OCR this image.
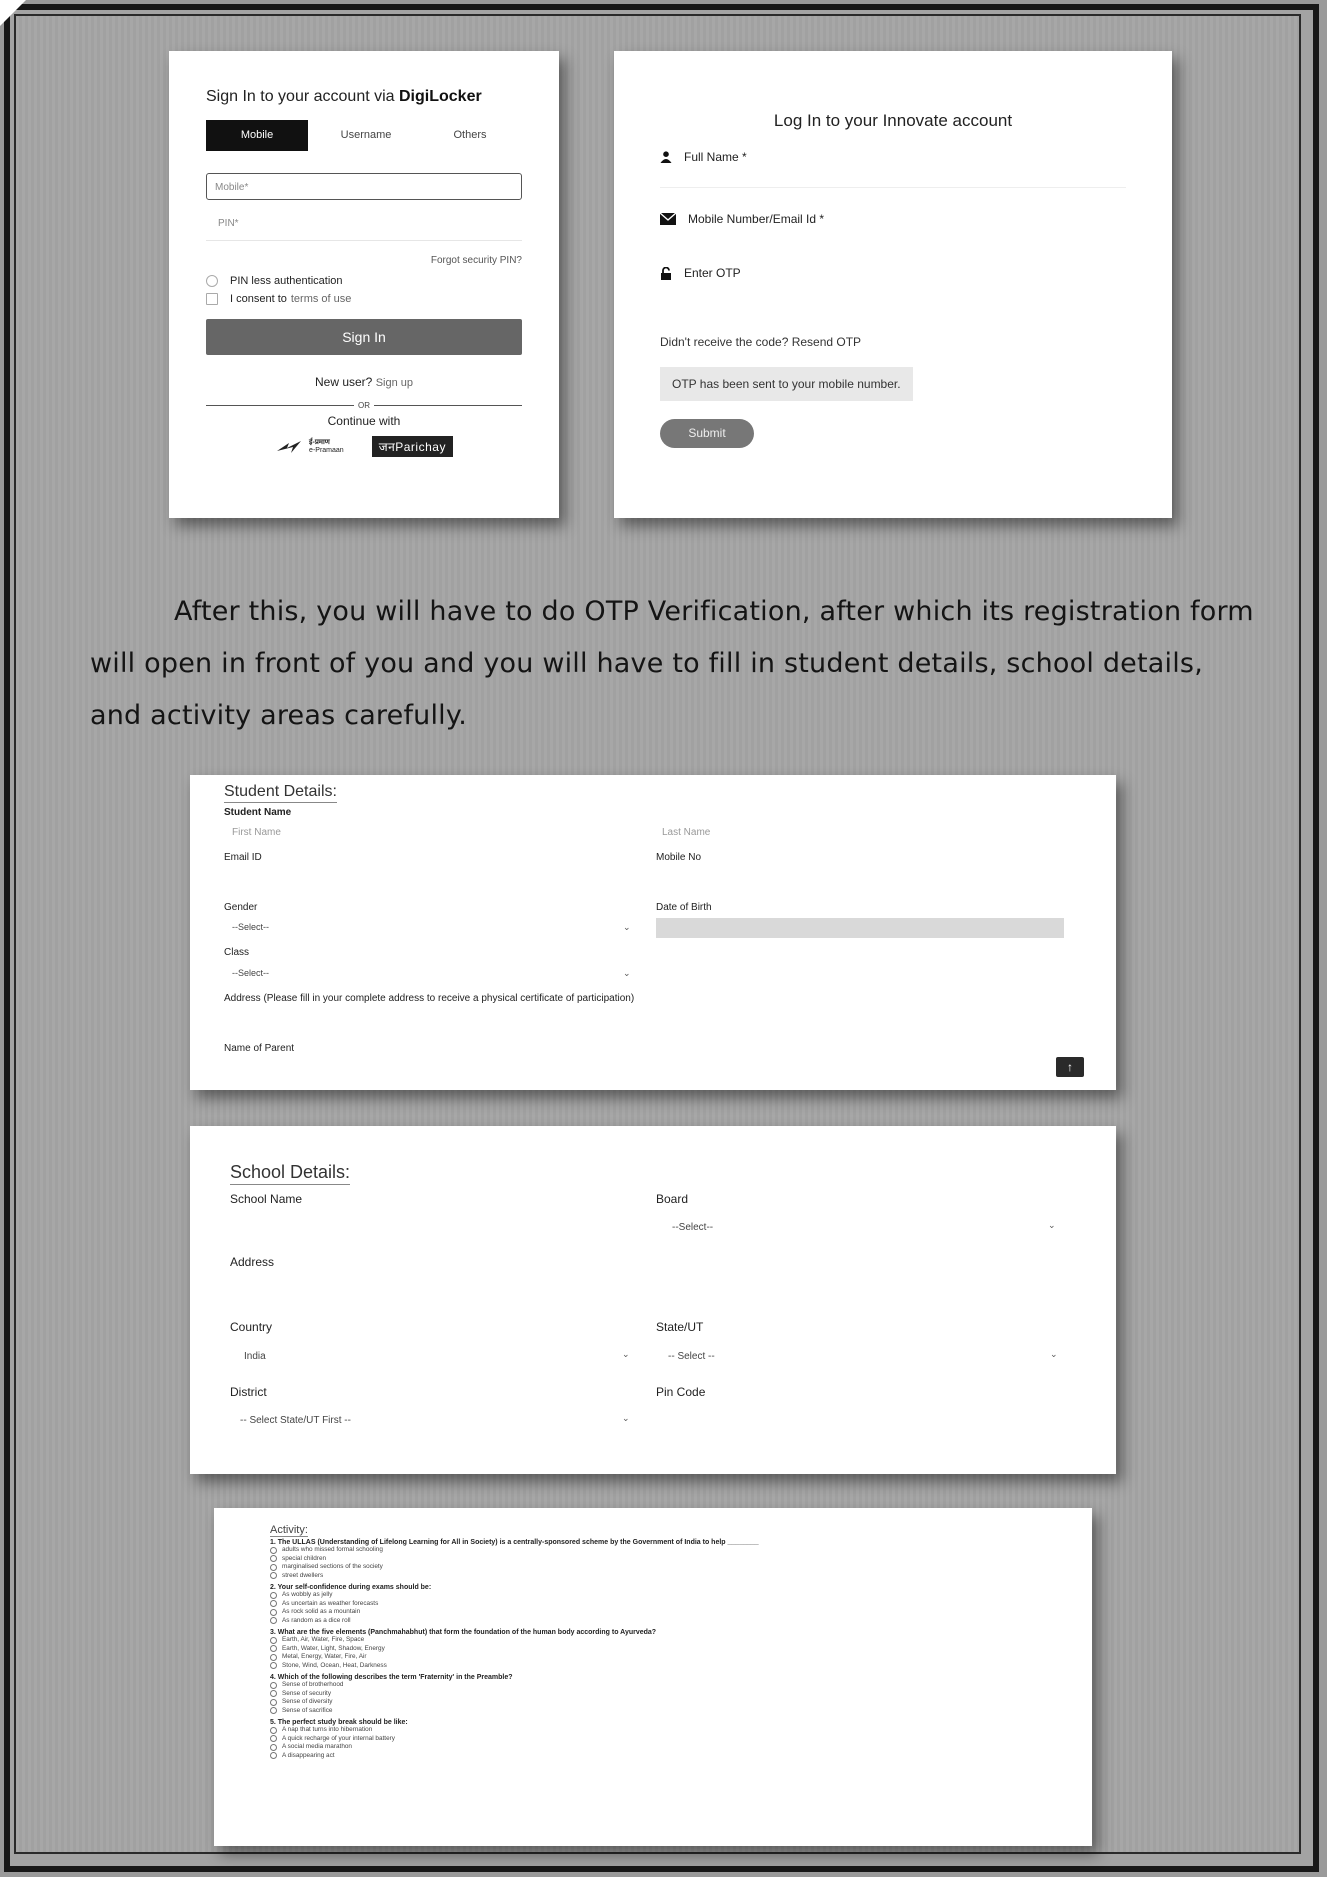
Sign In to your account via DigiLocker
Mobile	Username	Others
Mobile*
PIN*
Forgot security PIN?
PIN less authentication
I consent to terms of use
Sign In
New user? Sign up
OR
Continue with
ई-प्रमाण
e-Pramaan	जनParichay
Log In to your Innovate account
Full Name *
Mobile Number/Email Id *
Enter OTP
Didn't receive the code? Resend OTP
OTP has been sent to your mobile number.
Submit
After this, you will have to do OTP Verification, after which its registration form will open in front of you and you will have to fill in student details, school details, and activity areas carefully.
Student Details:
Student Name
First Name	Last Name
Email ID	Mobile No
Gender
--Select--	⌄
Date of Birth
Class
--Select--	⌄
Address (Please fill in your complete address to receive a physical certificate of participation)
Name of Parent
↑
School Details:
School Name	Board
--Select--	⌄
Address
Country	State/UT
India	⌄	-- Select --	⌄
District	Pin Code
-- Select State/UT First --	⌄
Activity:
1. The ULLAS (Understanding of Lifelong Learning for All in Society) is a centrally-sponsored scheme by the Government of India to help ________
adults who missed formal schooling
special children
marginalised sections of the society
street dwellers
2. Your self-confidence during exams should be:
As wobbly as jelly
As uncertain as weather forecasts
As rock solid as a mountain
As random as a dice roll
3. What are the five elements (Panchmahabhut) that form the foundation of the human body according to Ayurveda?
Earth, Air, Water, Fire, Space
Earth, Water, Light, Shadow, Energy
Metal, Energy, Water, Fire, Air
Stone, Wind, Ocean, Heat, Darkness
4. Which of the following describes the term 'Fraternity' in the Preamble?
Sense of brotherhood
Sense of security
Sense of diversity
Sense of sacrifice
5. The perfect study break should be like:
A nap that turns into hibernation
A quick recharge of your internal battery
A social media marathon
A disappearing act
